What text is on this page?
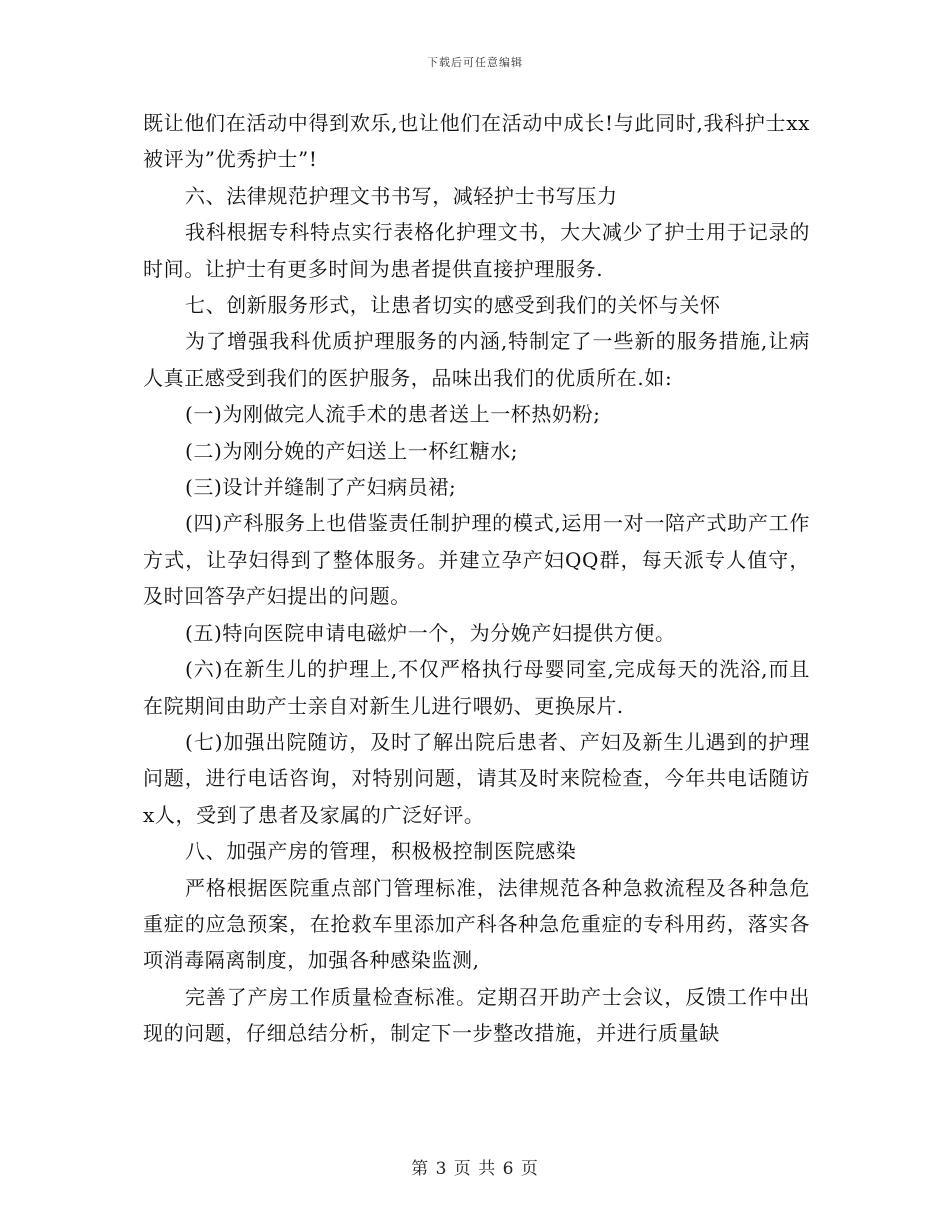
下载后可任意编辑

既让他们在活动中得到欢乐,也让他们在活动中成长!与此同时,我科护士xx被评为”优秀护士”!

六、法律规范护理文书书写，减轻护士书写压力

我科根据专科特点实行表格化护理文书，大大减少了护士用于记录的时间。让护士有更多时间为患者提供直接护理服务.

七、创新服务形式，让患者切实的感受到我们的关怀与关怀

为了增强我科优质护理服务的内涵,特制定了一些新的服务措施,让病人真正感受到我们的医护服务，品味出我们的优质所在.如:

(一)为刚做完人流手术的患者送上一杯热奶粉;

(二)为刚分娩的产妇送上一杯红糖水;

(三)设计并缝制了产妇病员裙;

(四)产科服务上也借鉴责任制护理的模式,运用一对一陪产式助产工作方式，让孕妇得到了整体服务。并建立孕产妇QQ群，每天派专人值守，及时回答孕产妇提出的问题。

(五)特向医院申请电磁炉一个，为分娩产妇提供方便。

(六)在新生儿的护理上,不仅严格执行母婴同室,完成每天的洗浴,而且在院期间由助产士亲自对新生儿进行喂奶、更换尿片.

(七)加强出院随访，及时了解出院后患者、产妇及新生儿遇到的护理问题，进行电话咨询，对特别问题，请其及时来院检查，今年共电话随访x人，受到了患者及家属的广泛好评。

八、加强产房的管理，积极极控制医院感染

严格根据医院重点部门管理标准，法律规范各种急救流程及各种急危重症的应急预案，在抢救车里添加产科各种急危重症的专科用药，落实各项消毒隔离制度，加强各种感染监测,

完善了产房工作质量检查标准。定期召开助产士会议，反馈工作中出现的问题，仔细总结分析，制定下一步整改措施，并进行质量缺

第 3 页 共 6 页
